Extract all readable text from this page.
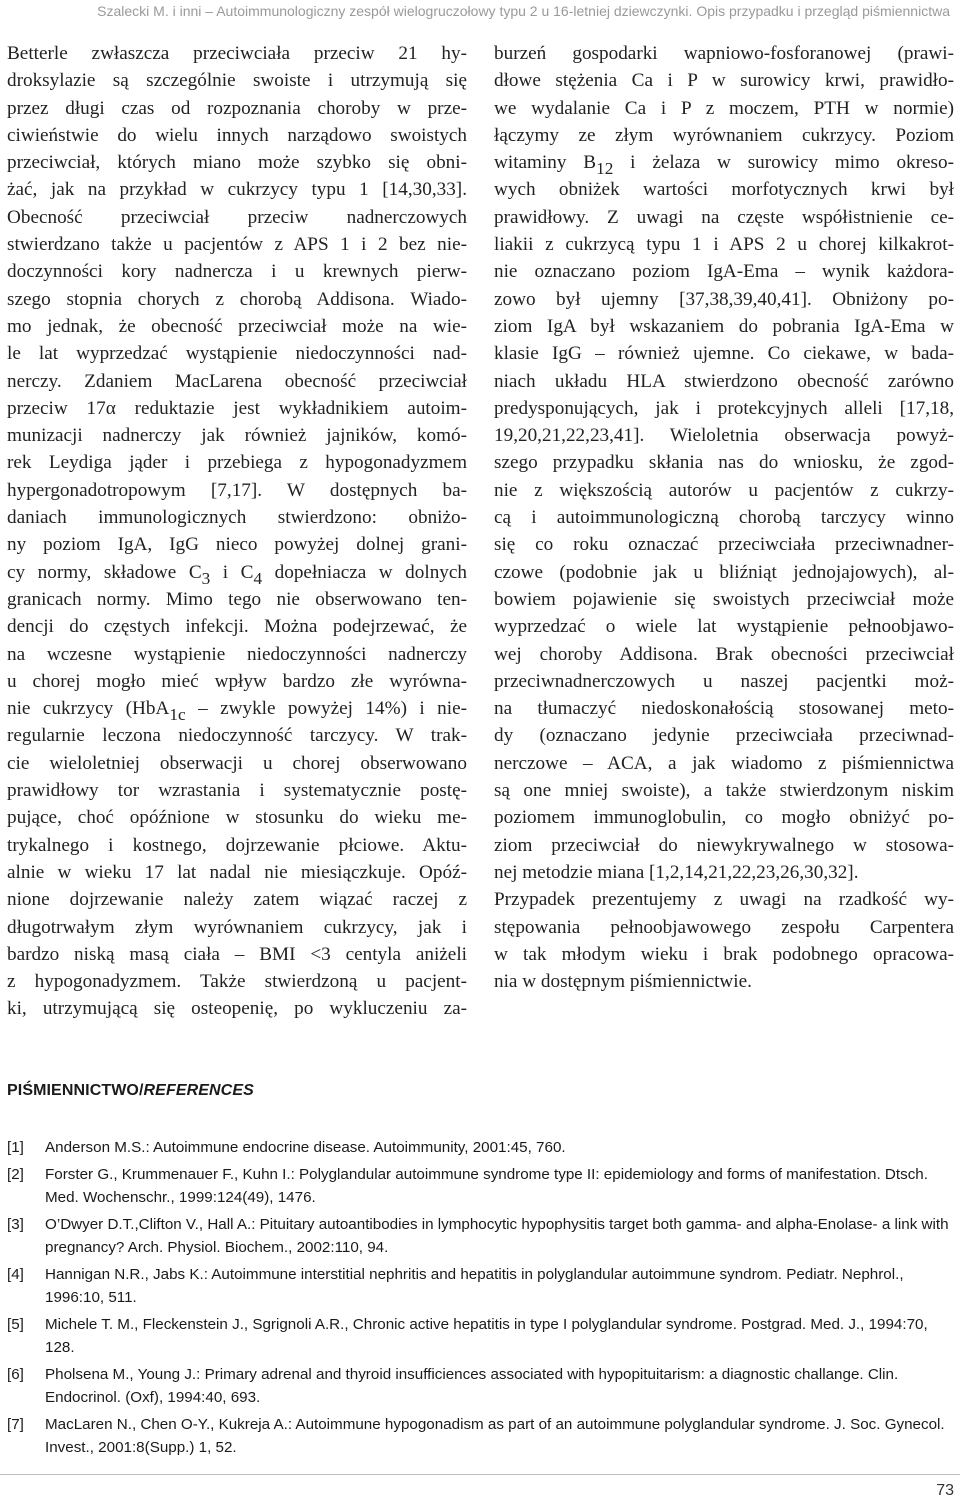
Szalecki M. i inni – Autoimmunologiczny zespół wielogruczołowy typu 2 u 16-letniej dziewczynki. Opis przypadku i przegląd piśmiennictwa

Betterle zwłaszcza przeciwciała przeciw 21 hy-

droksylazie są szczególnie swoiste i utrzymują się

przez długi czas od rozpoznania choroby w prze-

ciwieństwie do wielu innych narządowo swoistych

przeciwciał, których miano może szybko się obni-

żać, jak na przykład w cukrzycy typu 1 [14,30,33].

Obecność przeciwciał przeciw nadnerczowych

stwierdzano także u pacjentów z APS 1 i 2 bez nie-

doczynności kory nadnercza i u krewnych pierw-

szego stopnia chorych z chorobą Addisona. Wiado-

mo jednak, że obecność przeciwciał może na wie-

le lat wyprzedzać wystąpienie niedoczynności nad-

nerczy. Zdaniem MacLarena obecność przeciwciał

przeciw 17α reduktazie jest wykładnikiem autoim-

munizacji nadnerczy jak również jajników, komó-

rek Leydiga jąder i przebiega z hypogonadyzmem

hypergonadotropowym [7,17]. W dostępnych ba-

daniach immunologicznych stwierdzono: obniżo-

ny poziom IgA, IgG nieco powyżej dolnej grani-

cy normy, składowe $C_3$ i $C_4$ dopełniacza w dolnych

granicach normy. Mimo tego nie obserwowano ten-

dencji do częstych infekcji. Można podejrzewać, że

na wczesne wystąpienie niedoczynności nadnerczy

u chorej mogło mieć wpływ bardzo złe wyrówna-

nie cukrzycy (HbA$_{1c}$ – zwykle powyżej 14%) i nie-

regularnie leczona niedoczynność tarczycy. W trak-

cie wieloletniej obserwacji u chorej obserwowano

prawidłowy tor wzrastania i systematycznie postę-

pujące, choć opóźnione w stosunku do wieku me-

trykalnego i kostnego, dojrzewanie płciowe. Aktu-

alnie w wieku 17 lat nadal nie miesiączkuje. Opóź-

nione dojrzewanie należy zatem wiązać raczej z

długotrwałym złym wyrównaniem cukrzycy, jak i

bardzo niską masą ciała – BMI <3 centyla aniżeli

z hypogonadyzmem. Także stwierdzoną u pacjent-

ki, utrzymującą się osteopenię, po wykluczeniu za-

burzeń gospodarki wapniowo-fosforanowej (prawi-

dłowe stężenia Ca i P w surowicy krwi, prawidło-

we wydalanie Ca i P z moczem, PTH w normie)

łączymy ze złym wyrównaniem cukrzycy. Poziom

witaminy $B_{12}$ i żelaza w surowicy mimo okreso-

wych obniżek wartości morfotycznych krwi był

prawidłowy. Z uwagi na częste współistnienie ce-

liakii z cukrzycą typu 1 i APS 2 u chorej kilkakrot-

nie oznaczano poziom IgA-Ema – wynik każdora-

zowo był ujemny [37,38,39,40,41]. Obniżony po-

ziom IgA był wskazaniem do pobrania IgA-Ema w

klasie IgG – również ujemne. Co ciekawe, w bada-

niach układu HLA stwierdzono obecność zarówno

predysponujących, jak i protekcyjnych alleli [17,18,

19,20,21,22,23,41]. Wieloletnia obserwacja powyż-

szego przypadku skłania nas do wniosku, że zgod-

nie z większością autorów u pacjentów z cukrzy-

cą i autoimmunologiczną chorobą tarczycy winno

się co roku oznaczać przeciwciała przeciwnadner-

czowe (podobnie jak u bliźniąt jednojajowych), al-

bowiem pojawienie się swoistych przeciwciał może

wyprzedzać o wiele lat wystąpienie pełnoobjawo-

wej choroby Addisona. Brak obecności przeciwciał

przeciwnadnerczowych u naszej pacjentki moż-

na tłumaczyć niedoskonałością stosowanej meto-

dy (oznaczano jedynie przeciwciała przeciwnad-

nerczowe – ACA, a jak wiadomo z piśmiennictwa

są one mniej swoiste), a także stwierdzonym niskim

poziomem immunoglobulin, co mogło obniżyć po-

ziom przeciwciał do niewykrywalnego w stosowa-

nej metodzie miana [1,2,14,21,22,23,26,30,32].

Przypadek prezentujemy z uwagi na rzadkość wy-

stępowania pełnoobjawowego zespołu Carpentera

w tak młodym wieku i brak podobnego opracowa-

nia w dostępnym piśmiennictwie.

PIŚMIENNICTWO/REFERENCES
[1] Anderson M.S.: Autoimmune endocrine disease. Autoimmunity, 2001:45, 760.
[2] Forster G., Krummenauer F., Kuhn I.: Polyglandular autoimmune syndrome type II: epidemiology and forms of manifestation. Dtsch. Med. Wochenschr., 1999:124(49), 1476.
[3] O’Dwyer D.T.,Clifton V., Hall A.: Pituitary autoantibodies in lymphocytic hypophysitis target both gamma- and alpha-Enolase- a link with pregnancy? Arch. Physiol. Biochem., 2002:110, 94.
[4] Hannigan N.R., Jabs K.: Autoimmune interstitial nephritis and hepatitis in polyglandular autoimmune syndrom. Pediatr. Nephrol., 1996:10, 511.
[5] Michele T. M., Fleckenstein J., Sgrignoli A.R., Chronic active hepatitis in type I polyglandular syndrome. Postgrad. Med. J., 1994:70, 128.
[6] Pholsena M., Young J.: Primary adrenal and thyroid insufficiences associated with hypopituitarism: a diagnostic challange. Clin. Endocrinol. (Oxf), 1994:40, 693.
[7] MacLaren N., Chen O-Y., Kukreja A.: Autoimmune hypogonadism as part of an autoimmune polyglandular syndrome. J. Soc. Gynecol. Invest., 2001:8(Supp.) 1, 52.
73
